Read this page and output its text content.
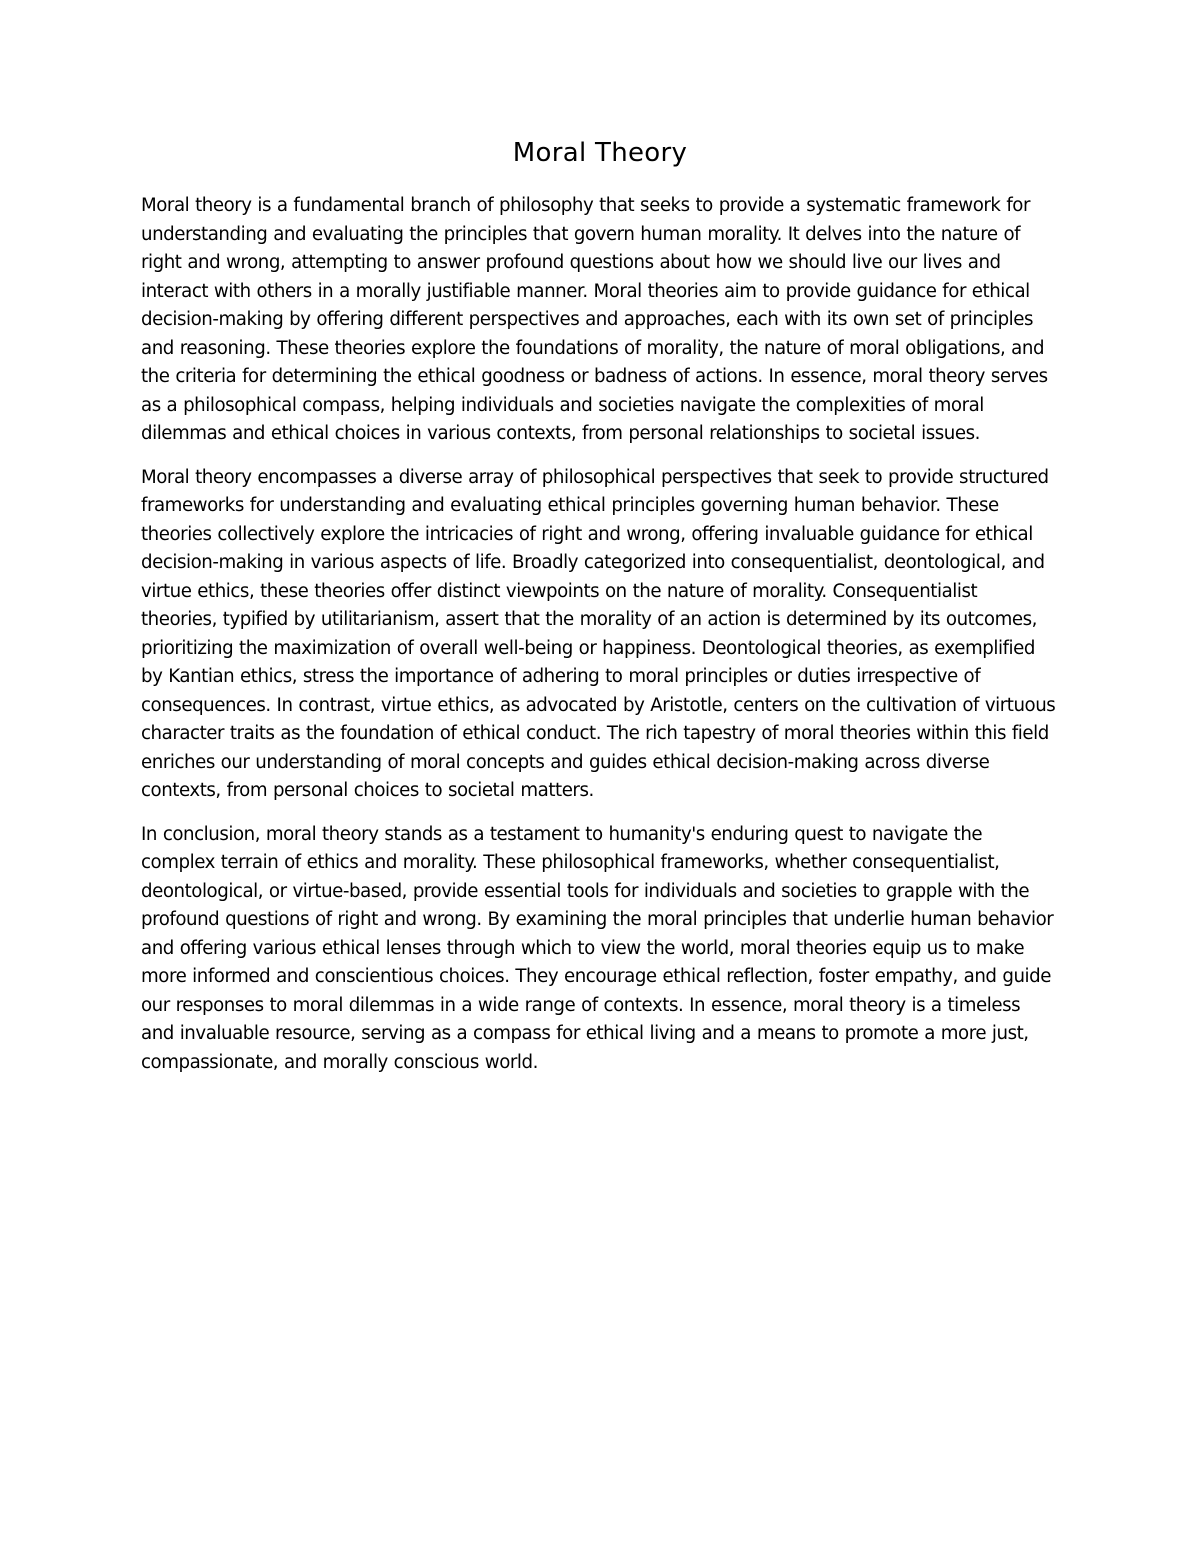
Moral Theory

Moral theory is a fundamental branch of philosophy that seeks to provide a systematic framework for understanding and evaluating the principles that govern human morality. It delves into the nature of right and wrong, attempting to answer profound questions about how we should live our lives and interact with others in a morally justifiable manner. Moral theories aim to provide guidance for ethical decision-making by offering different perspectives and approaches, each with its own set of principles and reasoning. These theories explore the foundations of morality, the nature of moral obligations, and the criteria for determining the ethical goodness or badness of actions. In essence, moral theory serves as a philosophical compass, helping individuals and societies navigate the complexities of moral dilemmas and ethical choices in various contexts, from personal relationships to societal issues.

Moral theory encompasses a diverse array of philosophical perspectives that seek to provide structured frameworks for understanding and evaluating ethical principles governing human behavior. These theories collectively explore the intricacies of right and wrong, offering invaluable guidance for ethical decision-making in various aspects of life. Broadly categorized into consequentialist, deontological, and virtue ethics, these theories offer distinct viewpoints on the nature of morality. Consequentialist theories, typified by utilitarianism, assert that the morality of an action is determined by its outcomes, prioritizing the maximization of overall well-being or happiness. Deontological theories, as exemplified by Kantian ethics, stress the importance of adhering to moral principles or duties irrespective of consequences. In contrast, virtue ethics, as advocated by Aristotle, centers on the cultivation of virtuous character traits as the foundation of ethical conduct. The rich tapestry of moral theories within this field enriches our understanding of moral concepts and guides ethical decision-making across diverse contexts, from personal choices to societal matters.

In conclusion, moral theory stands as a testament to humanity's enduring quest to navigate the complex terrain of ethics and morality. These philosophical frameworks, whether consequentialist, deontological, or virtue-based, provide essential tools for individuals and societies to grapple with the profound questions of right and wrong. By examining the moral principles that underlie human behavior and offering various ethical lenses through which to view the world, moral theories equip us to make more informed and conscientious choices. They encourage ethical reflection, foster empathy, and guide our responses to moral dilemmas in a wide range of contexts. In essence, moral theory is a timeless and invaluable resource, serving as a compass for ethical living and a means to promote a more just, compassionate, and morally conscious world.
